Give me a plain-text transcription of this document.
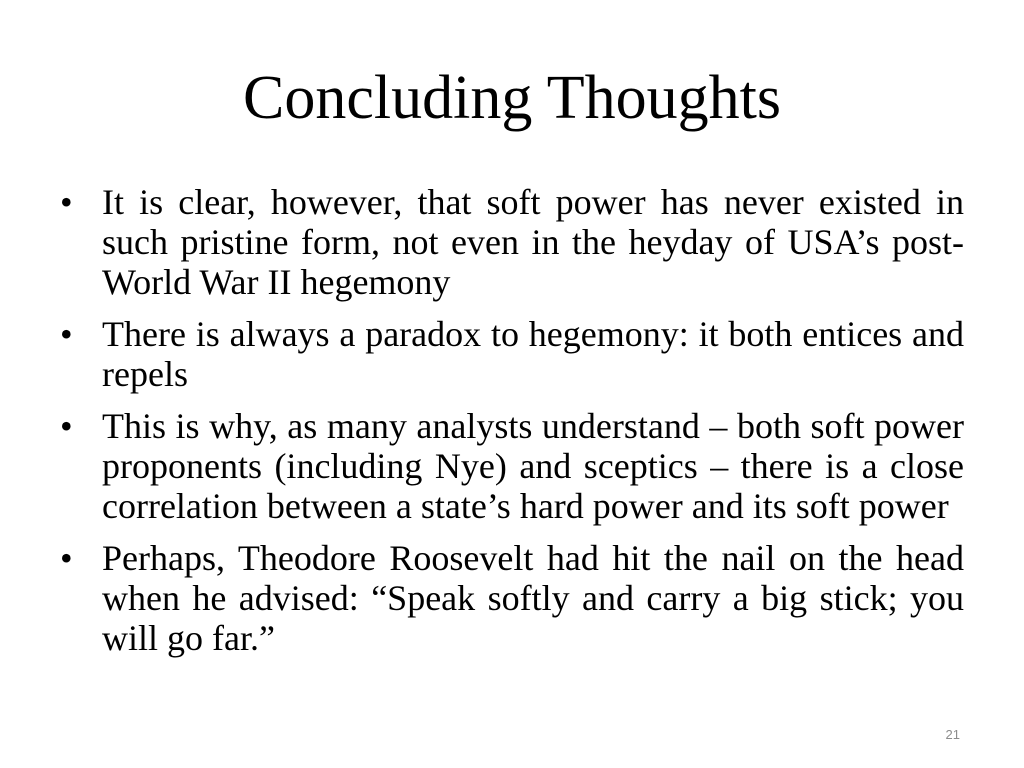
Concluding Thoughts
• It is clear, however, that soft power has never existed in such pristine form, not even in the heyday of USA’s post-World War II hegemony
• There is always a paradox to hegemony: it both entices and repels
• This is why, as many analysts understand – both soft power proponents (including Nye) and sceptics – there is a close correlation between a state’s hard power and its soft power
• Perhaps, Theodore Roosevelt had hit the nail on the head when he advised: “Speak softly and carry a big stick; you will go far.”
21
